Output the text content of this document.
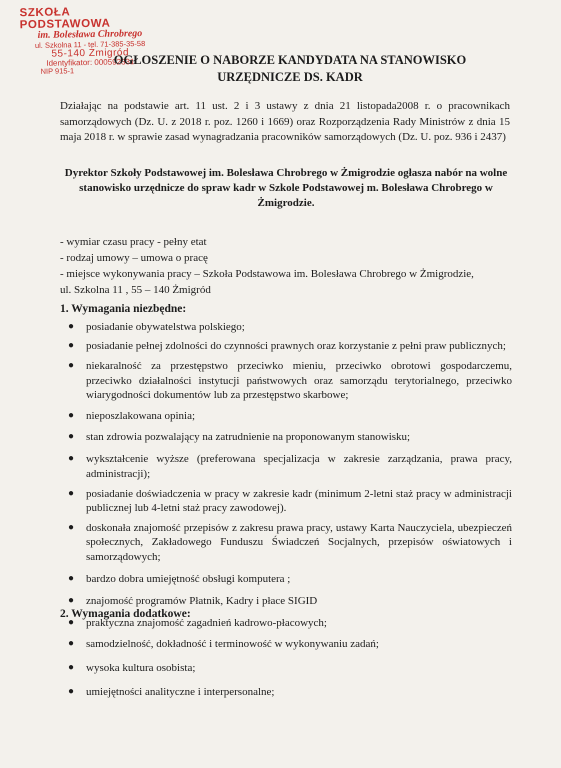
SZKOŁA PODSTAWOWA
im. Bolesława Chrobrego
ul. Szkolna 11 - tel. 71-385-35-58
55-140 Żmigród
Identyfikator: 000592331
NIP 915-1
OGŁOSZENIE O NABORZE KANDYDATA NA STANOWISKO
URZĘDNICZE DS. KADR
Działając na podstawie art. 11 ust. 2 i 3 ustawy z dnia 21 listopada2008 r. o pracownikach samorządowych (Dz. U. z 2018 r. poz. 1260 i 1669) oraz Rozporządzenia Rady Ministrów z dnia 15 maja 2018 r. w sprawie zasad wynagradzania pracowników samorządowych (Dz. U. poz. 936 i 2437)
Dyrektor Szkoły Podstawowej im. Bolesława Chrobrego w Żmigrodzie ogłasza nabór na wolne stanowisko urzędnicze do spraw kadr w Szkole Podstawowej m. Bolesława Chrobrego w Żmigrodzie.
- wymiar czasu pracy - pełny etat
- rodzaj umowy – umowa o pracę
- miejsce wykonywania pracy – Szkoła Podstawowa im. Bolesława Chrobrego w Żmigrodzie,
ul. Szkolna 11 , 55 – 140 Żmigród
1. Wymagania niezbędne:
● posiadanie obywatelstwa polskiego;
● posiadanie pełnej zdolności do czynności prawnych oraz korzystanie z pełni praw publicznych;
● niekaralność za przestępstwo przeciwko mieniu, przeciwko obrotowi gospodarczemu, przeciwko działalności instytucji państwowych oraz samorządu terytorialnego, przeciwko wiarygodności dokumentów lub za przestępstwo skarbowe;
● nieposzlakowana opinia;
● stan zdrowia pozwalający na zatrudnienie na proponowanym stanowisku;
● wykształcenie wyższe (preferowana specjalizacja w zakresie zarządzania, prawa pracy, administracji);
● posiadanie doświadczenia w pracy w zakresie kadr (minimum 2-letni staż pracy w administracji publicznej lub 4-letni staż pracy zawodowej).
● doskonała znajomość przepisów z zakresu prawa pracy, ustawy Karta Nauczyciela, ubezpieczeń społecznych, Zakładowego Funduszu Świadczeń Socjalnych, przepisów oświatowych i samorządowych;
● bardzo dobra umiejętność obsługi komputera ;
● znajomość programów Płatnik, Kadry i płace SIGID
● praktyczna znajomość zagadnień kadrowo-płacowych;
2. Wymagania dodatkowe:
● samodzielność, dokładność i terminowość w wykonywaniu zadań;
● wysoka kultura osobista;
● umiejętności analityczne i interpersonalne;
